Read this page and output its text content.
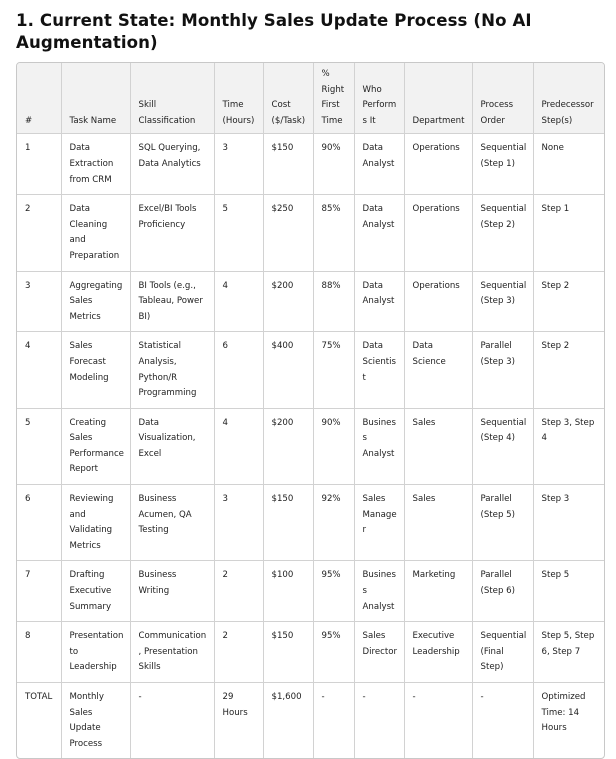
1. Current State: Monthly Sales Update Process (No AI Augmentation)
#	Task Name	Skill Classification	Time (Hours)	Cost ($/Task)	% Right First Time	Who Performs It	Department	Process Order	Predecessor Step(s)
1	Data Extraction from CRM	SQL Querying, Data Analytics	3	$150	90%	Data Analyst	Operations	Sequential (Step 1)	None
2	Data Cleaning and Preparation	Excel/BI Tools Proficiency	5	$250	85%	Data Analyst	Operations	Sequential (Step 2)	Step 1
3	Aggregating Sales Metrics	BI Tools (e.g., Tableau, Power BI)	4	$200	88%	Data Analyst	Operations	Sequential (Step 3)	Step 2
4	Sales Forecast Modeling	Statistical Analysis, Python/R Programming	6	$400	75%	Data Scientist	Data Science	Parallel (Step 3)	Step 2
5	Creating Sales Performance Report	Data Visualization, Excel	4	$200	90%	Business Analyst	Sales	Sequential (Step 4)	Step 3, Step 4
6	Reviewing and Validating Metrics	Business Acumen, QA Testing	3	$150	92%	Sales Manager	Sales	Parallel (Step 5)	Step 3
7	Drafting Executive Summary	Business Writing	2	$100	95%	Business Analyst	Marketing	Parallel (Step 6)	Step 5
8	Presentation to Leadership	Communication, Presentation Skills	2	$150	95%	Sales Director	Executive Leadership	Sequential (Final Step)	Step 5, Step 6, Step 7
TOTAL	Monthly Sales Update Process	-	29 Hours	$1,600	-	-	-	-	Optimized Time: 14 Hours
